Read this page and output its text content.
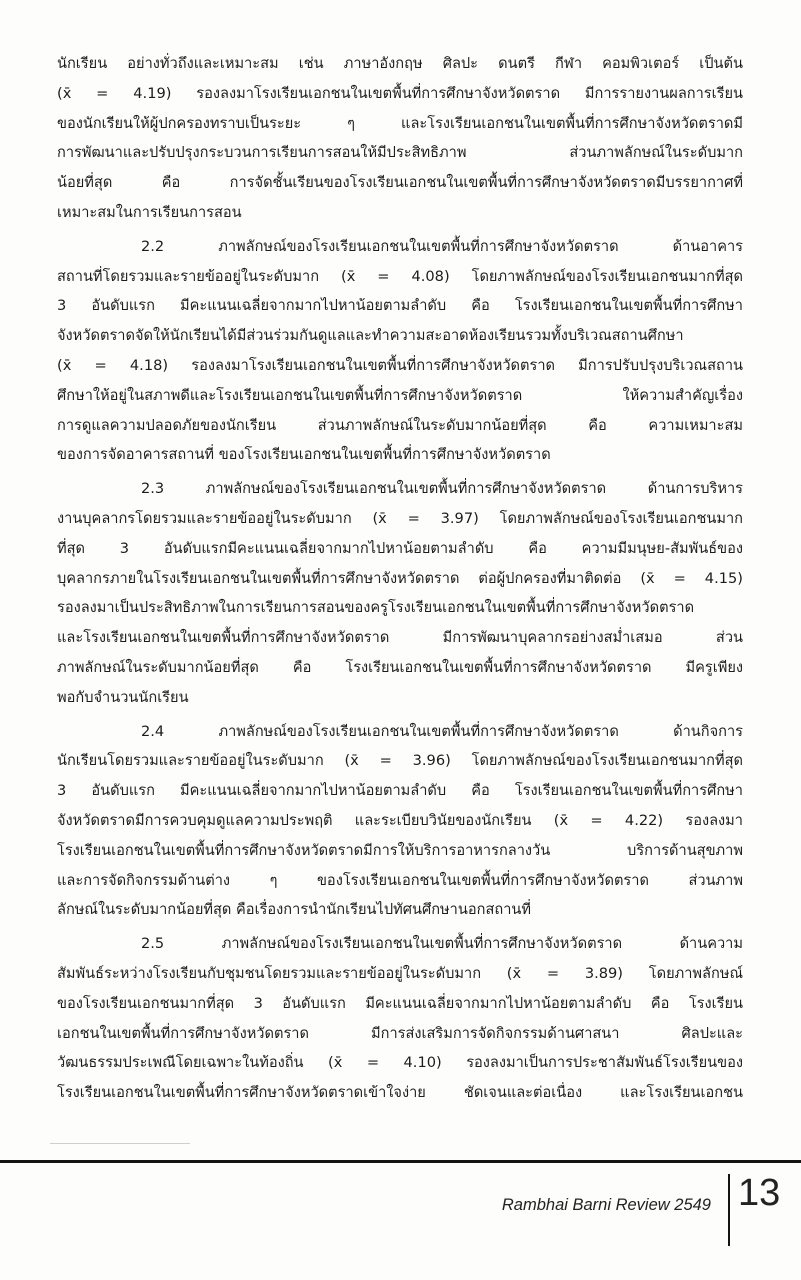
นักเรียน อย่างทั่วถึงและเหมาะสม เช่น ภาษาอังกฤษ ศิลปะ ดนตรี กีฬา คอมพิวเตอร์ เป็นต้น
(x̄ = 4.19) รองลงมาโรงเรียนเอกชนในเขตพื้นที่การศึกษาจังหวัดตราด มีการรายงานผลการเรียน
ของนักเรียนให้ผู้ปกครองทราบเป็นระยะ ๆ และโรงเรียนเอกชนในเขตพื้นที่การศึกษาจังหวัดตราดมี
การพัฒนาและปรับปรุงกระบวนการเรียนการสอนให้มีประสิทธิภาพ ส่วนภาพลักษณ์ในระดับมาก
น้อยที่สุด คือ การจัดชั้นเรียนของโรงเรียนเอกชนในเขตพื้นที่การศึกษาจังหวัดตราดมีบรรยากาศที่
เหมาะสมในการเรียนการสอน
2.2 ภาพลักษณ์ของโรงเรียนเอกชนในเขตพื้นที่การศึกษาจังหวัดตราด ด้านอาคาร
สถานที่โดยรวมและรายข้ออยู่ในระดับมาก (x̄ = 4.08) โดยภาพลักษณ์ของโรงเรียนเอกชนมากที่สุด
3 อันดับแรก มีคะแนนเฉลี่ยจากมากไปหาน้อยตามลำดับ คือ โรงเรียนเอกชนในเขตพื้นที่การศึกษา
จังหวัดตราดจัดให้นักเรียนได้มีส่วนร่วมกันดูแลและทำความสะอาดห้องเรียนรวมทั้งบริเวณสถานศึกษา
(x̄ = 4.18) รองลงมาโรงเรียนเอกชนในเขตพื้นที่การศึกษาจังหวัดตราด มีการปรับปรุงบริเวณสถาน
ศึกษาให้อยู่ในสภาพดีและโรงเรียนเอกชนในเขตพื้นที่การศึกษาจังหวัดตราด ให้ความสำคัญเรื่อง
การดูแลความปลอดภัยของนักเรียน ส่วนภาพลักษณ์ในระดับมากน้อยที่สุด คือ ความเหมาะสม
ของการจัดอาคารสถานที่ ของโรงเรียนเอกชนในเขตพื้นที่การศึกษาจังหวัดตราด
2.3 ภาพลักษณ์ของโรงเรียนเอกชนในเขตพื้นที่การศึกษาจังหวัดตราด ด้านการบริหาร
งานบุคลากรโดยรวมและรายข้ออยู่ในระดับมาก (x̄ = 3.97) โดยภาพลักษณ์ของโรงเรียนเอกชนมาก
ที่สุด 3 อันดับแรกมีคะแนนเฉลี่ยจากมากไปหาน้อยตามลำดับ คือ ความมีมนุษย-สัมพันธ์ของ
บุคลากรภายในโรงเรียนเอกชนในเขตพื้นที่การศึกษาจังหวัดตราด ต่อผู้ปกครองที่มาติดต่อ (x̄ = 4.15)
รองลงมาเป็นประสิทธิภาพในการเรียนการสอนของครูโรงเรียนเอกชนในเขตพื้นที่การศึกษาจังหวัดตราด
และโรงเรียนเอกชนในเขตพื้นที่การศึกษาจังหวัดตราด มีการพัฒนาบุคลากรอย่างสม่ำเสมอ ส่วน
ภาพลักษณ์ในระดับมากน้อยที่สุด คือ โรงเรียนเอกชนในเขตพื้นที่การศึกษาจังหวัดตราด มีครูเพียง
พอกับจำนวนนักเรียน
2.4 ภาพลักษณ์ของโรงเรียนเอกชนในเขตพื้นที่การศึกษาจังหวัดตราด ด้านกิจการ
นักเรียนโดยรวมและรายข้ออยู่ในระดับมาก (x̄ = 3.96) โดยภาพลักษณ์ของโรงเรียนเอกชนมากที่สุด
3 อันดับแรก มีคะแนนเฉลี่ยจากมากไปหาน้อยตามลำดับ คือ โรงเรียนเอกชนในเขตพื้นที่การศึกษา
จังหวัดตราดมีการควบคุมดูแลความประพฤติ และระเบียบวินัยของนักเรียน (x̄ = 4.22) รองลงมา
โรงเรียนเอกชนในเขตพื้นที่การศึกษาจังหวัดตราดมีการให้บริการอาหารกลางวัน บริการด้านสุขภาพ
และการจัดกิจกรรมด้านต่าง ๆ ของโรงเรียนเอกชนในเขตพื้นที่การศึกษาจังหวัดตราด ส่วนภาพ
ลักษณ์ในระดับมากน้อยที่สุด คือเรื่องการนำนักเรียนไปทัศนศึกษานอกสถานที่
2.5 ภาพลักษณ์ของโรงเรียนเอกชนในเขตพื้นที่การศึกษาจังหวัดตราด ด้านความ
สัมพันธ์ระหว่างโรงเรียนกับชุมชนโดยรวมและรายข้ออยู่ในระดับมาก (x̄ = 3.89) โดยภาพลักษณ์
ของโรงเรียนเอกชนมากที่สุด 3 อันดับแรก มีคะแนนเฉลี่ยจากมากไปหาน้อยตามลำดับ คือ โรงเรียน
เอกชนในเขตพื้นที่การศึกษาจังหวัดตราด มีการส่งเสริมการจัดกิจกรรมด้านศาสนา ศิลปะและ
วัฒนธรรมประเพณีโดยเฉพาะในท้องถิ่น (x̄ = 4.10) รองลงมาเป็นการประชาสัมพันธ์โรงเรียนของ
โรงเรียนเอกชนในเขตพื้นที่การศึกษาจังหวัดตราดเข้าใจง่าย ชัดเจนและต่อเนื่อง และโรงเรียนเอกชน
Rambhai Barni Review 2549 13
